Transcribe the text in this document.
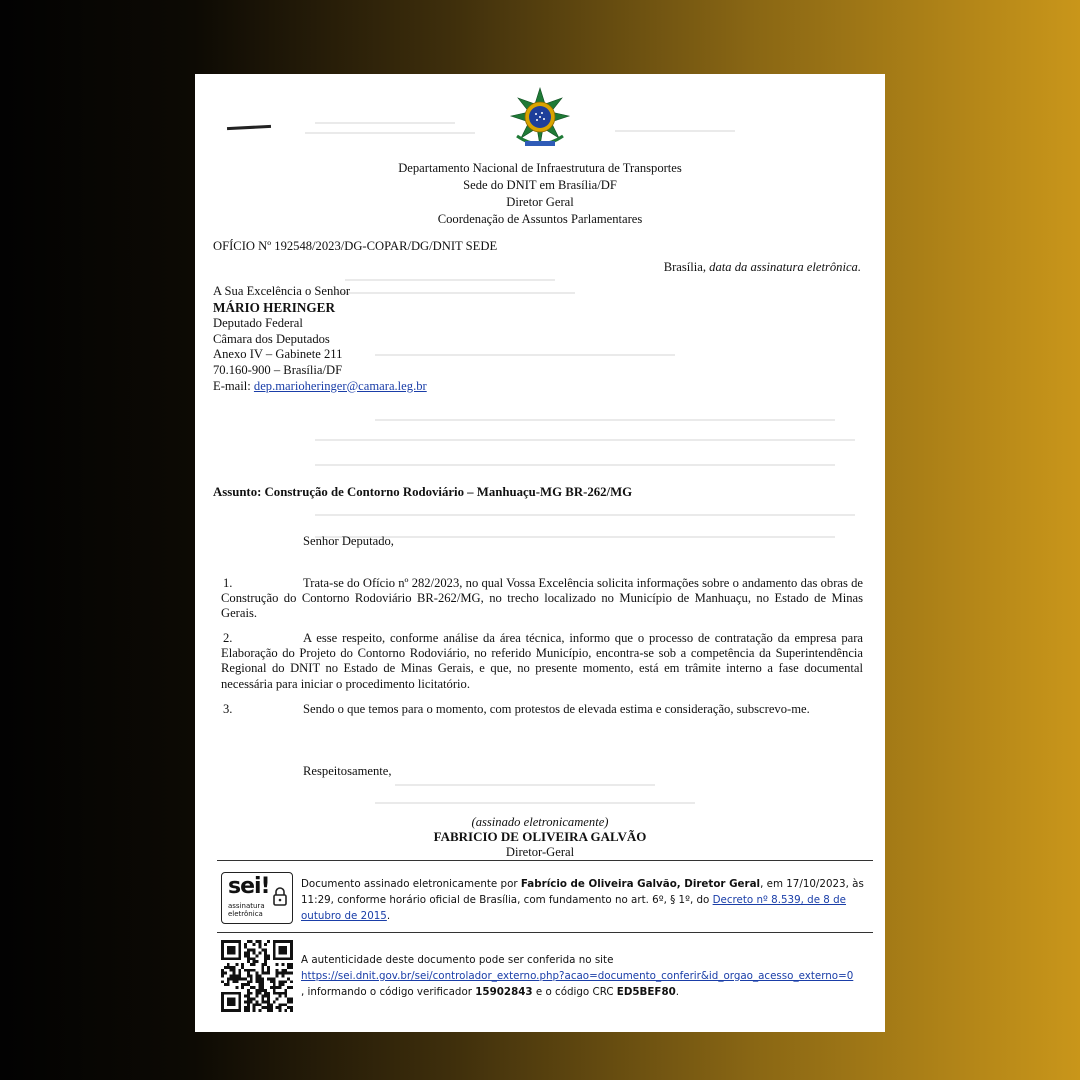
Departamento Nacional de Infraestrutura de Transportes
Sede do DNIT em Brasília/DF
Diretor Geral
Coordenação de Assuntos Parlamentares
OFÍCIO Nº 192548/2023/DG-COPAR/DG/DNIT SEDE
Brasília, data da assinatura eletrônica.
A Sua Excelência o Senhor
MÁRIO HERINGER
Deputado Federal
Câmara dos Deputados
Anexo IV – Gabinete 211
70.160-900 – Brasília/DF
E-mail: dep.marioheringer@camara.leg.br
Assunto: Construção de Contorno Rodoviário – Manhuaçu-MG BR-262/MG
Senhor Deputado,
1.	Trata-se do Ofício nº 282/2023, no qual Vossa Excelência solicita informações sobre o andamento das obras de Construção do Contorno Rodoviário BR-262/MG, no trecho localizado no Município de Manhuaçu, no Estado de Minas Gerais.
2.	A esse respeito, conforme análise da área técnica, informo que o processo de contratação da empresa para Elaboração do Projeto do Contorno Rodoviário, no referido Município, encontra-se sob a competência da Superintendência Regional do DNIT no Estado de Minas Gerais, e que, no presente momento, está em trâmite interno a fase documental necessária para iniciar o procedimento licitatório.
3.	Sendo o que temos para o momento, com protestos de elevada estima e consideração, subscrevo-me.
Respeitosamente,
(assinado eletronicamente)
FABRICIO DE OLIVEIRA GALVÃO
Diretor-Geral
sei!
assinatura
eletrônica
Documento assinado eletronicamente por Fabrício de Oliveira Galvão, Diretor Geral, em 17/10/2023, às 11:29, conforme horário oficial de Brasília, com fundamento no art. 6º, § 1º, do Decreto nº 8.539, de 8 de outubro de 2015.
A autenticidade deste documento pode ser conferida no site
https://sei.dnit.gov.br/sei/controlador_externo.php?acao=documento_conferir&id_orgao_acesso_externo=0
, informando o código verificador 15902843 e o código CRC ED5BEF80.
